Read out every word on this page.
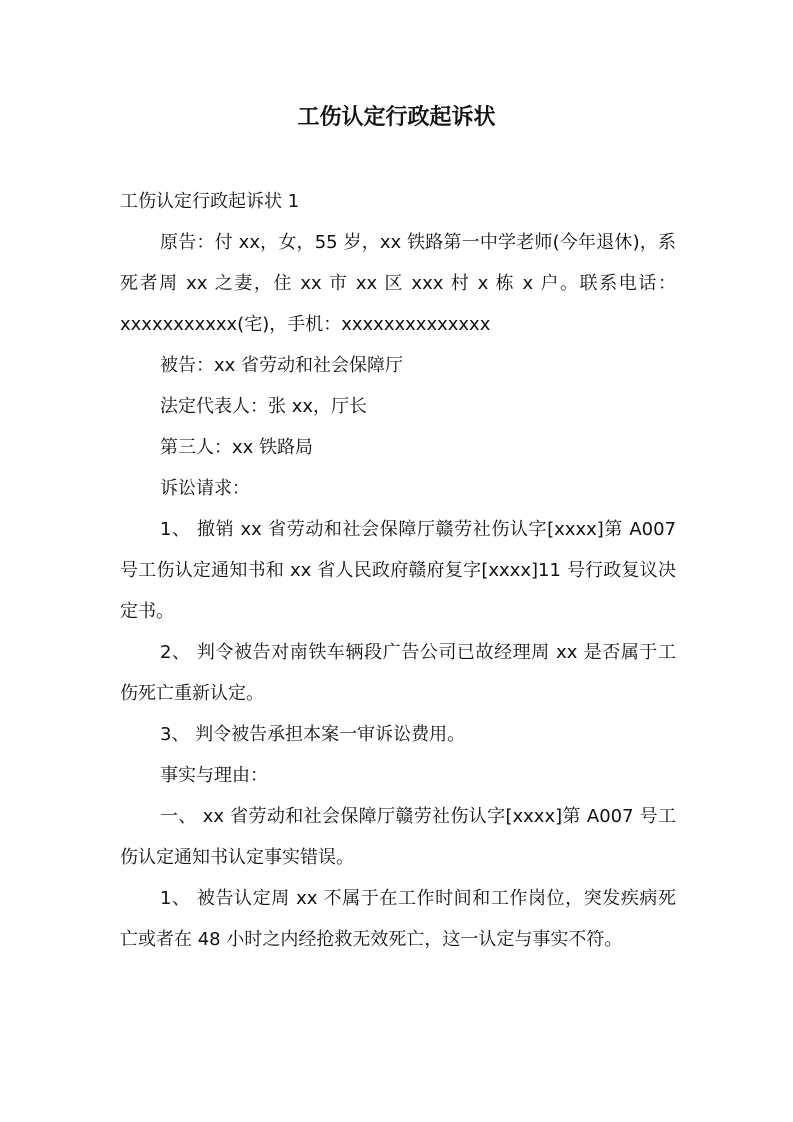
工伤认定行政起诉状

工伤认定行政起诉状 1

原告：付 xx，女，55 岁，xx 铁路第一中学老师(今年退休)，系死者周 xx 之妻，住 xx 市 xx 区 xxx 村 x 栋 x 户。联系电话：xxxxxxxxxxx(宅)，手机：xxxxxxxxxxxxxx

被告：xx 省劳动和社会保障厅

法定代表人：张 xx，厅长

第三人：xx 铁路局

诉讼请求：

1、 撤销 xx 省劳动和社会保障厅赣劳社伤认字[xxxx]第 A007 号工伤认定通知书和 xx 省人民政府赣府复字[xxxx]11 号行政复议决定书。

2、 判令被告对南铁车辆段广告公司已故经理周 xx 是否属于工伤死亡重新认定。

3、 判令被告承担本案一审诉讼费用。

事实与理由：

一、 xx 省劳动和社会保障厅赣劳社伤认字[xxxx]第 A007 号工伤认定通知书认定事实错误。

1、 被告认定周 xx 不属于在工作时间和工作岗位，突发疾病死亡或者在 48 小时之内经抢救无效死亡，这一认定与事实不符。
